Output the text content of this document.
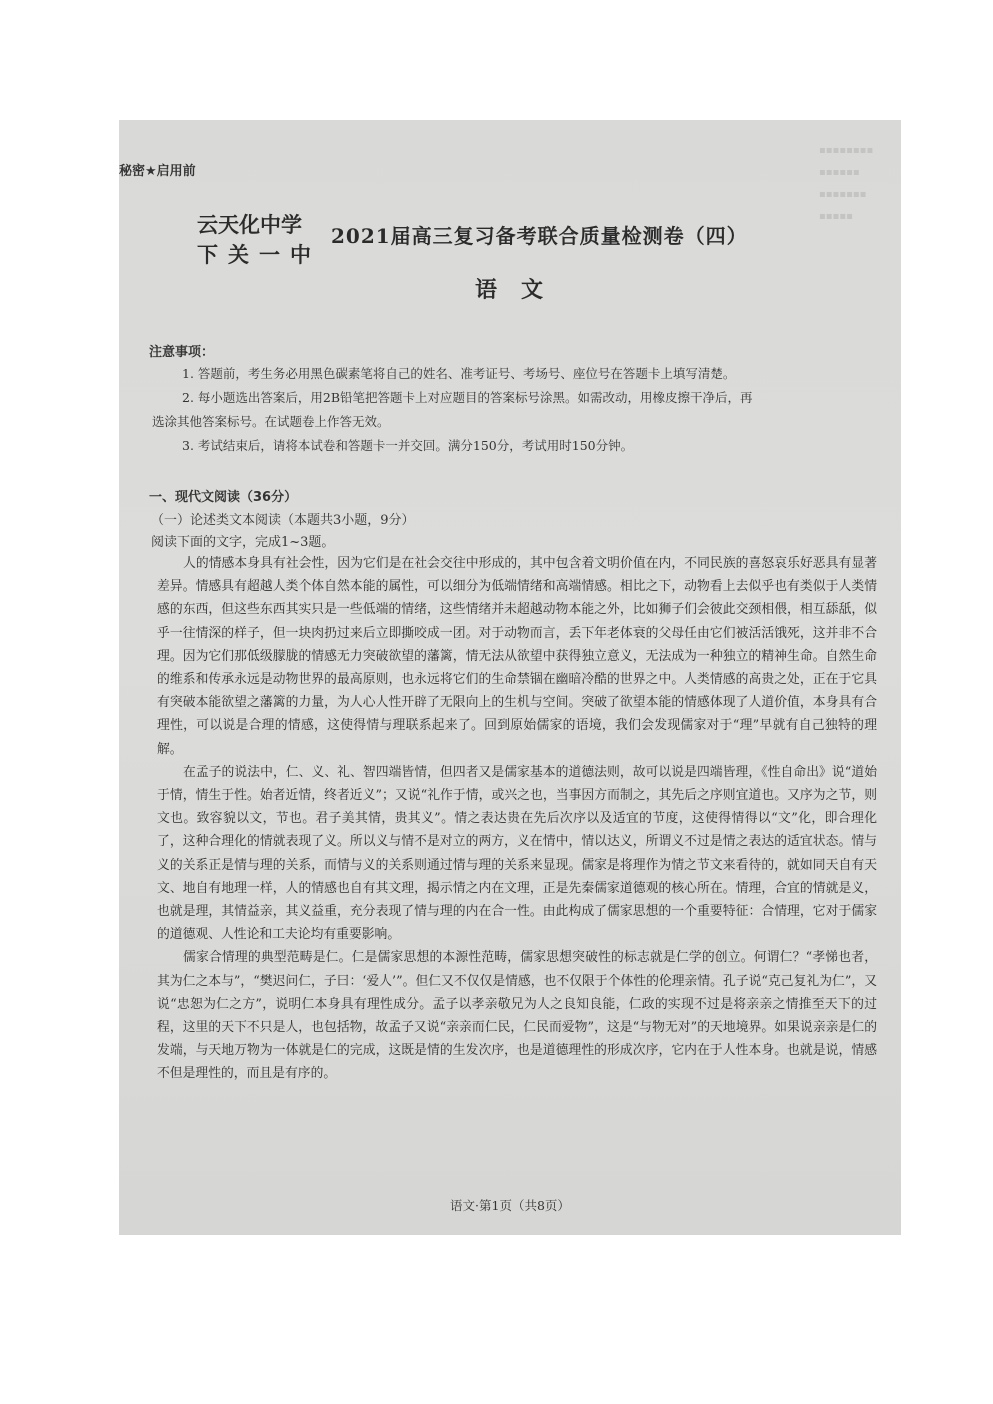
▪▪▪▪▪▪▪▪
▪▪▪▪▪▪
▪▪▪▪▪▪▪
▪▪▪▪▪
秘密★启用前
云天化中学
下关一中
2021届高三复习备考联合质量检测卷（四）
语文
注意事项：

1. 答题前，考生务必用黑色碳素笔将自己的姓名、准考证号、考场号、座位号在答题卡上填写清楚。

2. 每小题选出答案后，用2B铅笔把答题卡上对应题目的答案标号涂黑。如需改动，用橡皮擦干净后，再

选涂其他答案标号。在试题卷上作答无效。

3. 考试结束后，请将本试卷和答题卡一并交回。满分150分，考试用时150分钟。

一、现代文阅读（36分）
（一）论述类文本阅读（本题共3小题，9分）
阅读下面的文字，完成1~3题。

人的情感本身具有社会性，因为它们是在社会交往中形成的，其中包含着文明价值在内，不同民族的喜怒哀乐好恶具有显著差异。情感具有超越人类个体自然本能的属性，可以细分为低端情绪和高端情感。相比之下，动物看上去似乎也有类似于人类情感的东西，但这些东西其实只是一些低端的情绪，这些情绪并未超越动物本能之外，比如狮子们会彼此交颈相偎，相互舔舐，似乎一往情深的样子，但一块肉扔过来后立即撕咬成一团。对于动物而言，丢下年老体衰的父母任由它们被活活饿死，这并非不合理。因为它们那低级朦胧的情感无力突破欲望的藩篱，情无法从欲望中获得独立意义，无法成为一种独立的精神生命。自然生命的维系和传承永远是动物世界的最高原则，也永远将它们的生命禁锢在幽暗冷酷的世界之中。人类情感的高贵之处，正在于它具有突破本能欲望之藩篱的力量，为人心人性开辟了无限向上的生机与空间。突破了欲望本能的情感体现了人道价值，本身具有合理性，可以说是合理的情感，这使得情与理联系起来了。回到原始儒家的语境，我们会发现儒家对于“理”早就有自己独特的理解。

在孟子的说法中，仁、义、礼、智四端皆情，但四者又是儒家基本的道德法则，故可以说是四端皆理，《性自命出》说“道始于情，情生于性。始者近情，终者近义”；又说“礼作于情，或兴之也，当事因方而制之，其先后之序则宜道也。又序为之节，则文也。致容貌以文，节也。君子美其情，贵其义”。情之表达贵在先后次序以及适宜的节度，这使得情得以“文”化，即合理化了，这种合理化的情就表现了义。所以义与情不是对立的两方，义在情中，情以达义，所谓义不过是情之表达的适宜状态。情与义的关系正是情与理的关系，而情与义的关系则通过情与理的关系来显现。儒家是将理作为情之节文来看待的，就如同天自有天文、地自有地理一样，人的情感也自有其文理，揭示情之内在文理，正是先秦儒家道德观的核心所在。情理，合宜的情就是义，也就是理，其情益亲，其义益重，充分表现了情与理的内在合一性。由此构成了儒家思想的一个重要特征：合情理，它对于儒家的道德观、人性论和工夫论均有重要影响。

儒家合情理的典型范畴是仁。仁是儒家思想的本源性范畴，儒家思想突破性的标志就是仁学的创立。何谓仁？“孝悌也者，其为仁之本与”，“樊迟问仁，子曰：‘爱人’”。但仁又不仅仅是情感，也不仅限于个体性的伦理亲情。孔子说“克己复礼为仁”，又说“忠恕为仁之方”，说明仁本身具有理性成分。孟子以孝亲敬兄为人之良知良能，仁政的实现不过是将亲亲之情推至天下的过程，这里的天下不只是人，也包括物，故孟子又说“亲亲而仁民，仁民而爱物”，这是“与物无对”的天地境界。如果说亲亲是仁的发端，与天地万物为一体就是仁的完成，这既是情的生发次序，也是道德理性的形成次序，它内在于人性本身。也就是说，情感不但是理性的，而且是有序的。

语文·第1页（共8页）
